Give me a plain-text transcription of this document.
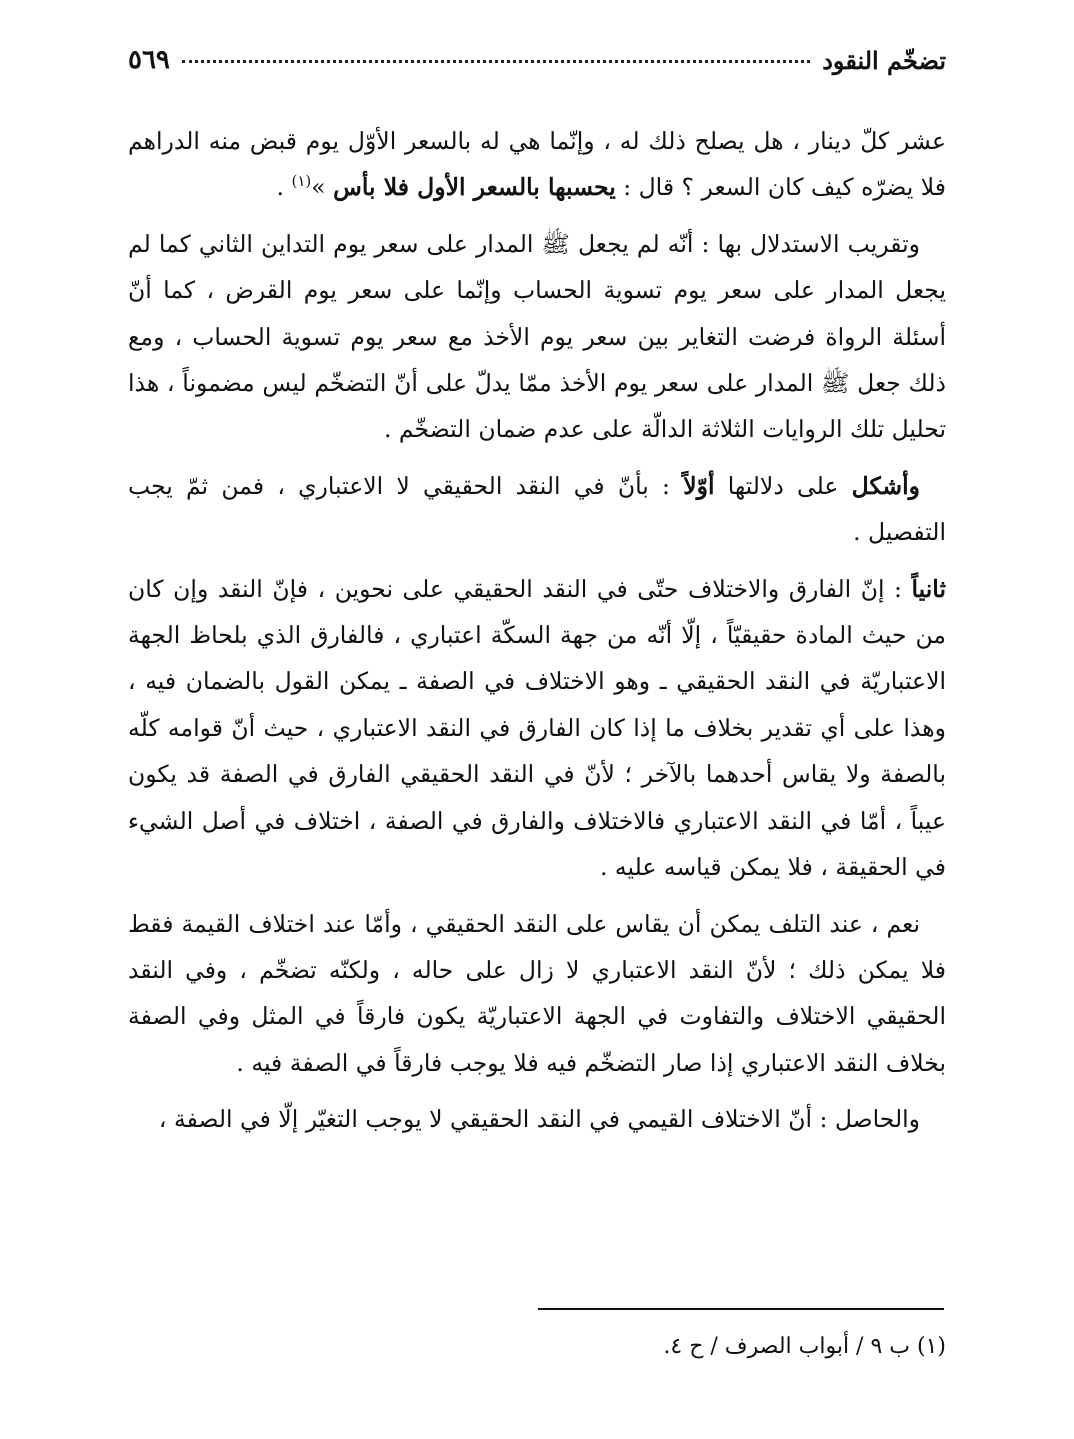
تضخّم النقود
٥٦٩

عشر كلّ دينار ، هل يصلح ذلك له ، وإنّما هي له بالسعر الأوّل يوم قبض منه الدراهم فلا يضرّه كيف كان السعر ؟ قال : يحسبها بالسعر الأول فلا بأس »$^{(١)}$ .

وتقريب الاستدلال بها : أنّه لم يجعل ﷺ المدار على سعر يوم التداين الثاني كما لم يجعل المدار على سعر يوم تسوية الحساب وإنّما على سعر يوم القرض ، كما أنّ أسئلة الرواة فرضت التغاير بين سعر يوم الأخذ مع سعر يوم تسوية الحساب ، ومع ذلك جعل ﷺ المدار على سعر يوم الأخذ ممّا يدلّ على أنّ التضخّم ليس مضموناً ، هذا تحليل تلك الروايات الثلاثة الدالّة على عدم ضمان التضخّم .

وأشكل على دلالتها أوّلاً : بأنّ في النقد الحقيقي لا الاعتباري ، فمن ثمّ يجب التفصيل .

ثانياً : إنّ الفارق والاختلاف حتّى في النقد الحقيقي على نحوين ، فإنّ النقد وإن كان من حيث المادة حقيقيّاً ، إلّا أنّه من جهة السكّة اعتباري ، فالفارق الذي بلحاظ الجهة الاعتباريّة في النقد الحقيقي ـ وهو الاختلاف في الصفة ـ يمكن القول بالضمان فيه ، وهذا على أي تقدير بخلاف ما إذا كان الفارق في النقد الاعتباري ، حيث أنّ قوامه كلّه بالصفة ولا يقاس أحدهما بالآخر ؛ لأنّ في النقد الحقيقي الفارق في الصفة قد يكون عيباً ، أمّا في النقد الاعتباري فالاختلاف والفارق في الصفة ، اختلاف في أصل الشيء في الحقيقة ، فلا يمكن قياسه عليه .

نعم ، عند التلف يمكن أن يقاس على النقد الحقيقي ، وأمّا عند اختلاف القيمة فقط فلا يمكن ذلك ؛ لأنّ النقد الاعتباري لا زال على حاله ، ولكنّه تضخّم ، وفي النقد الحقيقي الاختلاف والتفاوت في الجهة الاعتباريّة يكون فارقاً في المثل وفي الصفة بخلاف النقد الاعتباري إذا صار التضخّم فيه فلا يوجب فارقاً في الصفة فيه .

والحاصل : أنّ الاختلاف القيمي في النقد الحقيقي لا يوجب التغيّر إلّا في الصفة ،

(١) ب ٩ / أبواب الصرف / ح ٤.
